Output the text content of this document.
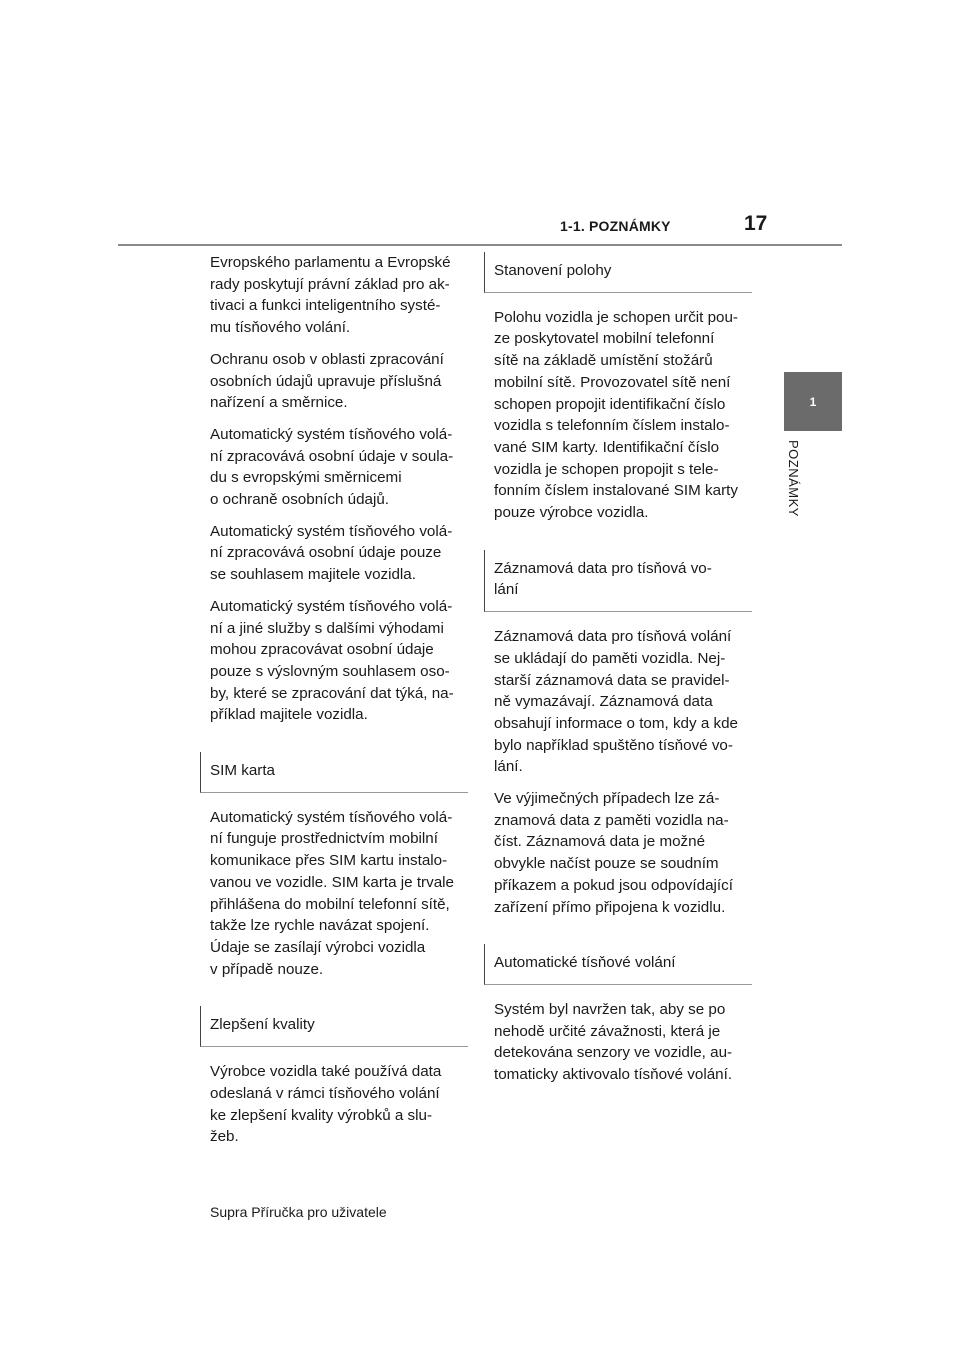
1-1. POZNÁMKY	17
1
POZNÁMKY

Evropského parlamentu a Evropské
rady poskytují právní základ pro ak-
tivaci a funkci inteligentního systé-
mu tísňového volání.

Ochranu osob v oblasti zpracování
osobních údajů upravuje příslušná
nařízení a směrnice.

Automatický systém tísňového volá-
ní zpracovává osobní údaje v soula-
du s evropskými směrnicemi
o ochraně osobních údajů.

Automatický systém tísňového volá-
ní zpracovává osobní údaje pouze
se souhlasem majitele vozidla.

Automatický systém tísňového volá-
ní a jiné služby s dalšími výhodami
mohou zpracovávat osobní údaje
pouze s výslovným souhlasem oso-
by, které se zpracování dat týká, na-
příklad majitele vozidla.

SIM karta

Automatický systém tísňového volá-
ní funguje prostřednictvím mobilní
komunikace přes SIM kartu instalo-
vanou ve vozidle. SIM karta je trvale
přihlášena do mobilní telefonní sítě,
takže lze rychle navázat spojení.
Údaje se zasílají výrobci vozidla
v případě nouze.

Zlepšení kvality

Výrobce vozidla také používá data
odeslaná v rámci tísňového volání
ke zlepšení kvality výrobků a slu-
žeb.

Stanovení polohy

Polohu vozidla je schopen určit pou-
ze poskytovatel mobilní telefonní
sítě na základě umístění stožárů
mobilní sítě. Provozovatel sítě není
schopen propojit identifikační číslo
vozidla s telefonním číslem instalo-
vané SIM karty. Identifikační číslo
vozidla je schopen propojit s tele-
fonním číslem instalované SIM karty
pouze výrobce vozidla.

Záznamová data pro tísňová vo-
lání

Záznamová data pro tísňová volání
se ukládají do paměti vozidla. Nej-
starší záznamová data se pravidel-
ně vymazávají. Záznamová data
obsahují informace o tom, kdy a kde
bylo například spuštěno tísňové vo-
lání.

Ve výjimečných případech lze zá-
znamová data z paměti vozidla na-
číst. Záznamová data je možné
obvykle načíst pouze se soudním
příkazem a pokud jsou odpovídající
zařízení přímo připojena k vozidlu.

Automatické tísňové volání

Systém byl navržen tak, aby se po
nehodě určité závažnosti, která je
detekována senzory ve vozidle, au-
tomaticky aktivovalo tísňové volání.

Supra Příručka pro uživatele
